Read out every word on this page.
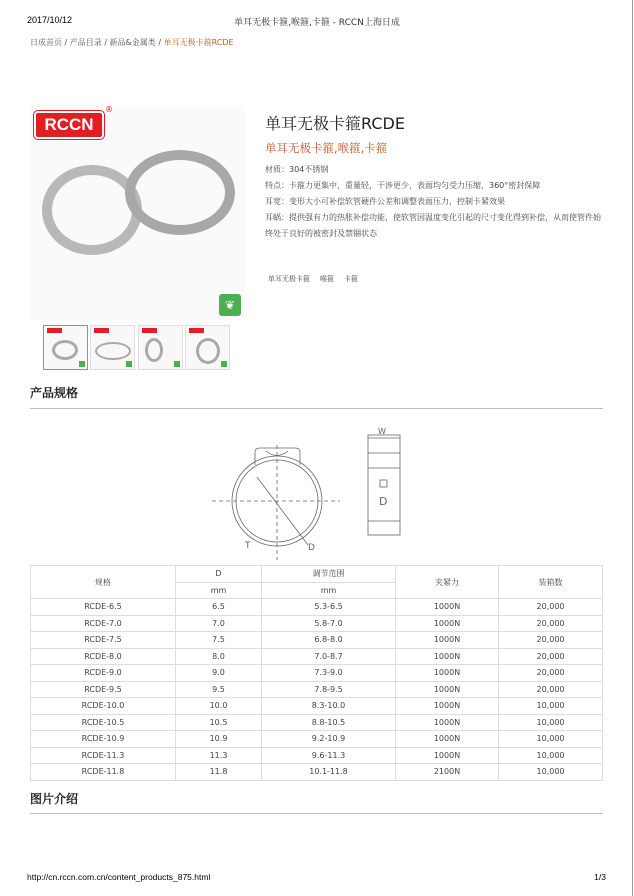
2017/10/12	单耳无极卡箍,喉箍,卡箍 - RCCN上海日成
日成首页 / 产品目录 / 新品&金属类 / 单耳无极卡箍RCDE
RCCN
®
❦
单耳无极卡箍RCDE
单耳无极卡箍,喉箍,卡箍
材质：304不锈钢
特点：卡箍力更集中，重量轻，干涉更少，表面均匀受力压缩，360°密封保障
耳宽：变形大小可补偿软管硬件公差和调整表面压力，控制卡紧效果
耳蜗：提供强有力的热胀补偿功能，使软管因温度变化引起的尺寸变化得到补偿，从而使管件始
终处于良好的被密封及禁锢状态
单耳无极卡箍 喉箍 卡箍
产品规格
D
T
W
D
规格	D	调节范围	夹紧力	装箱数
	mm	mm		
RCDE-6.5	6.5	5.3-6.5	1000N	20,000
RCDE-7.0	7.0	5.8-7.0	1000N	20,000
RCDE-7.5	7.5	6.8-8.0	1000N	20,000
RCDE-8.0	8.0	7.0-8.7	1000N	20,000
RCDE-9.0	9.0	7.3-9.0	1000N	20,000
RCDE-9.5	9.5	7.8-9.5	1000N	20,000
RCDE-10.0	10.0	8.3-10.0	1000N	10,000
RCDE-10.5	10.5	8.8-10.5	1000N	10,000
RCDE-10.9	10.9	9.2-10.9	1000N	10,000
RCDE-11.3	11.3	9.6-11.3	1000N	10,000
RCDE-11.8	11.8	10.1-11.8	2100N	10,000
图片介绍
http://cn.rccn.com.cn/content_products_875.html	1/3
